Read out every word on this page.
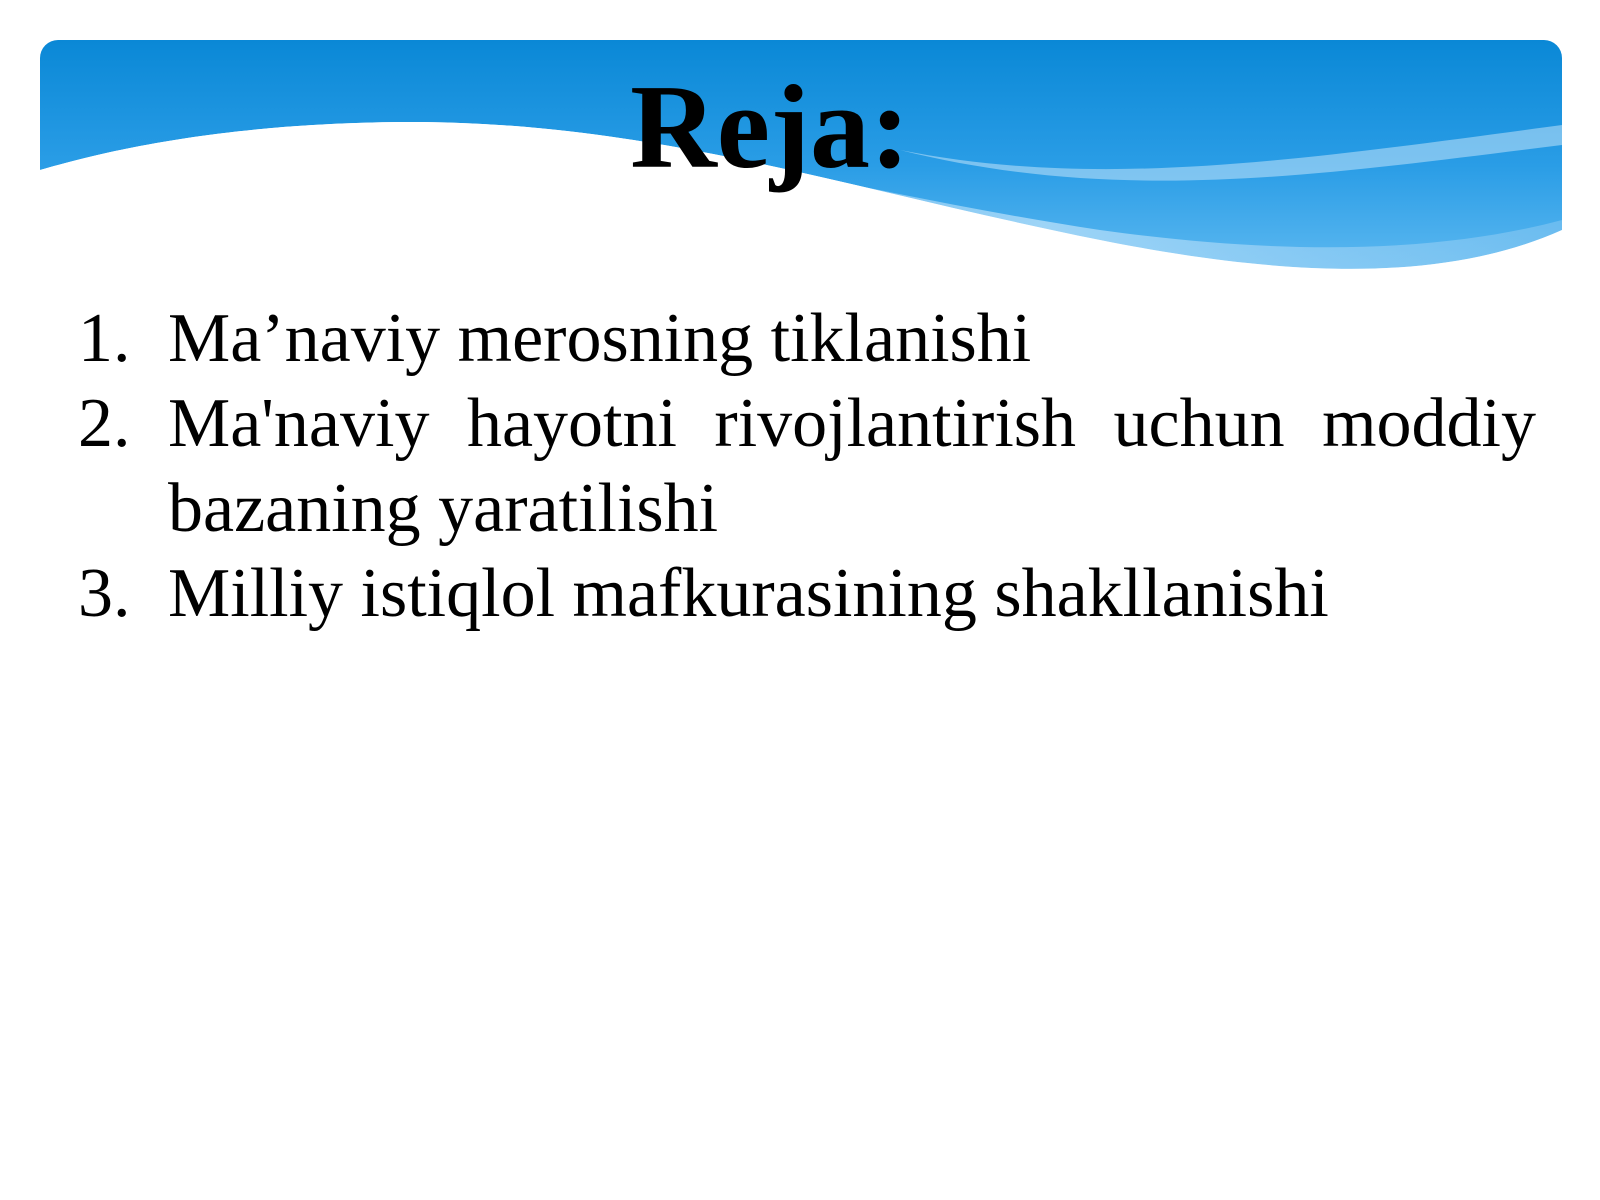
Reja:
1. Ma’naviy merosning tiklanishi
2. Ma'naviy hayotni rivojlantirish uchun moddiy bazaning yaratilishi
3. Milliy istiqlol mafkurasining shakllanishi
